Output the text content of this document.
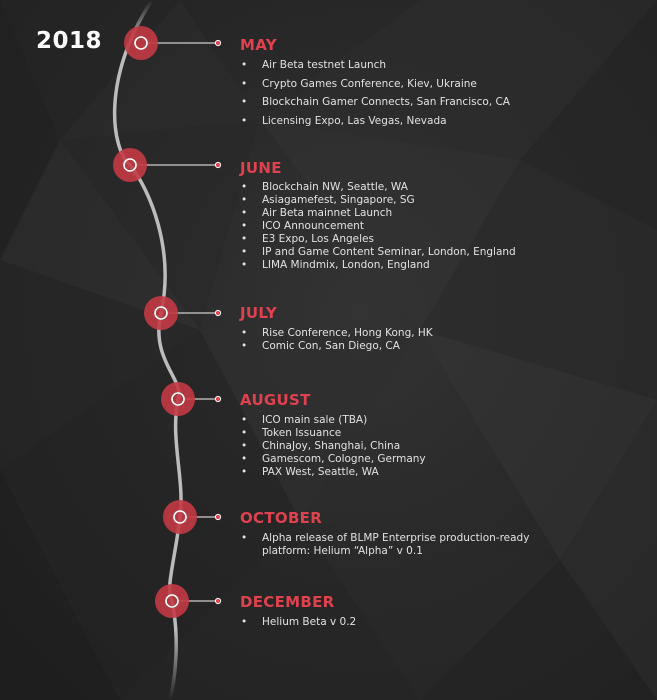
2018	MAY
• Air Beta testnet Launch
• Crypto Games Conference, Kiev, Ukraine
• Blockchain Gamer Connects, San Francisco, CA
• Licensing Expo, Las Vegas, Nevada
JUNE
• Blockchain NW, Seattle, WA
• Asiagamefest, Singapore, SG
• Air Beta mainnet Launch
• ICO Announcement
• E3 Expo, Los Angeles
• IP and Game Content Seminar, London, England
• LIMA Mindmix, London, England
JULY
• Rise Conference, Hong Kong, HK
• Comic Con, San Diego, CA
AUGUST
• ICO main sale (TBA)
• Token Issuance
• ChinaJoy, Shanghai, China
• Gamescom, Cologne, Germany
• PAX West, Seattle, WA
OCTOBER
• Alpha release of BLMP Enterprise production-ready platform: Helium “Alpha” v 0.1
DECEMBER
• Helium Beta v 0.2
